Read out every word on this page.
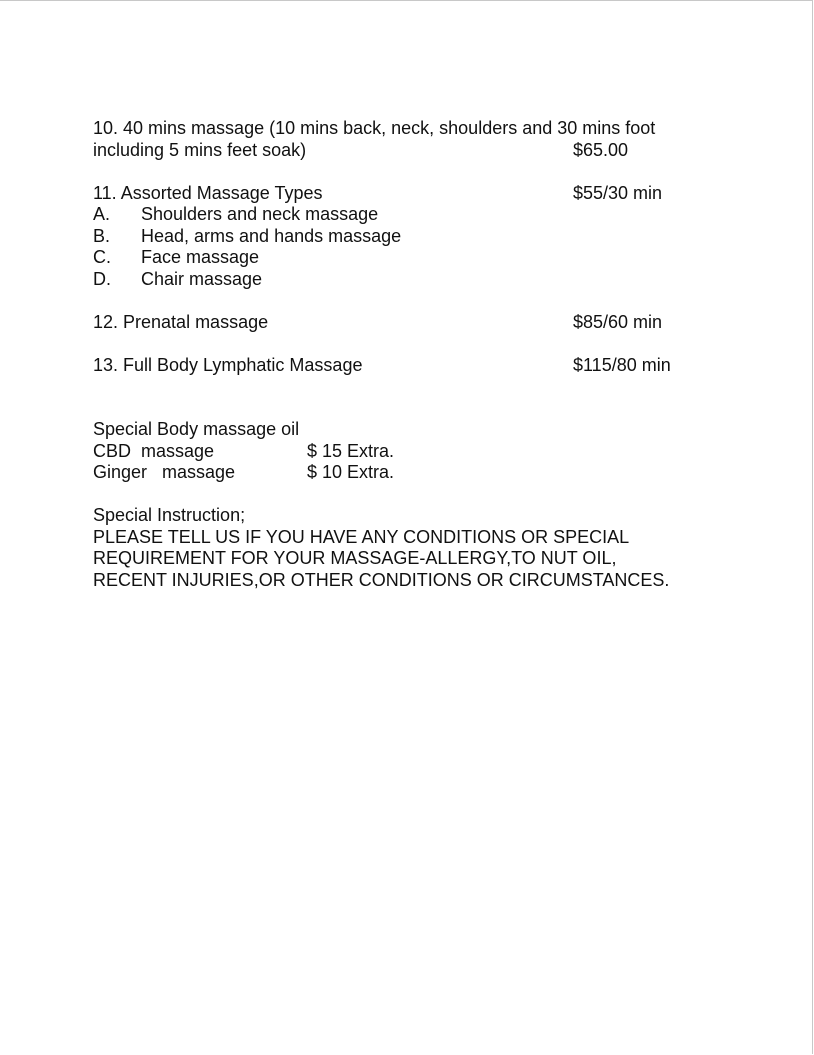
10. 40 mins massage (10 mins back, neck, shoulders and 30 mins foot
including 5 mins feet soak)	$65.00
11. Assorted Massage Types	$55/30 min
A. Shoulders and neck massage
B. Head, arms and hands massage
C. Face massage
D. Chair massage
12. Prenatal massage	$85/60 min
13. Full Body Lymphatic Massage	$115/80 min
Special Body massage oil
CBD  massage	$ 15 Extra.
Ginger   massage	$ 10 Extra.
Special Instruction;
PLEASE TELL US IF YOU HAVE ANY CONDITIONS OR SPECIAL
REQUIREMENT FOR YOUR MASSAGE-ALLERGY,TO NUT OIL,
RECENT INJURIES,OR OTHER CONDITIONS OR CIRCUMSTANCES.
